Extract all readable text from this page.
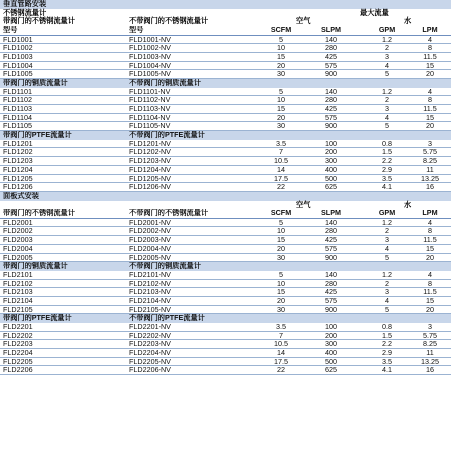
垂直管路安装
不锈钢流量计	最大流量
带阀门的不锈钢流量计	不带阀门的不锈钢流量计	空气	水
型号	型号	SCFM	SLPM	GPM	LPM
FLD1001	FLD1001-NV	5	140	1.2	4
FLD1002	FLD1002-NV	10	280	2	8
FLD1003	FLD1003-NV	15	425	3	11.5
FLD1004	FLD1004-NV	20	575	4	15
FLD1005	FLD1005-NV	30	900	5	20
带阀门的铜质流量计	不带阀门的铜质流量计
FLD1101	FLD1101-NV	5	140	1.2	4
FLD1102	FLD1102-NV	10	280	2	8
FLD1103	FLD1103-NV	15	425	3	11.5
FLD1104	FLD1104-NV	20	575	4	15
FLD1105	FLD1105-NV	30	900	5	20
带阀门的PTFE流量计	不带阀门的PTFE流量计
FLD1201	FLD1201-NV	3.5	100	0.8	3
FLD1202	FLD1202-NV	7	200	1.5	5.75
FLD1203	FLD1203-NV	10.5	300	2.2	8.25
FLD1204	FLD1204-NV	14	400	2.9	11
FLD1205	FLD1205-NV	17.5	500	3.5	13.25
FLD1206	FLD1206-NV	22	625	4.1	16
面板式安装
空气	水
带阀门的不锈钢流量计	不带阀门的不锈钢流量计	SCFM	SLPM	GPM	LPM
FLD2001	FLD2001-NV	5	140	1.2	4
FLD2002	FLD2002-NV	10	280	2	8
FLD2003	FLD2003-NV	15	425	3	11.5
FLD2004	FLD2004-NV	20	575	4	15
FLD2005	FLD2005-NV	30	900	5	20
带阀门的铜质流量计	不带阀门的铜质流量计
FLD2101	FLD2101-NV	5	140	1.2	4
FLD2102	FLD2102-NV	10	280	2	8
FLD2103	FLD2103-NV	15	425	3	11.5
FLD2104	FLD2104-NV	20	575	4	15
FLD2105	FLD2105-NV	30	900	5	20
带阀门的PTFE流量计	不带阀门的PTFE流量计
FLD2201	FLD2201-NV	3.5	100	0.8	3
FLD2202	FLD2202-NV	7	200	1.5	5.75
FLD2203	FLD2203-NV	10.5	300	2.2	8.25
FLD2204	FLD2204-NV	14	400	2.9	11
FLD2205	FLD2205-NV	17.5	500	3.5	13.25
FLD2206	FLD2206-NV	22	625	4.1	16
